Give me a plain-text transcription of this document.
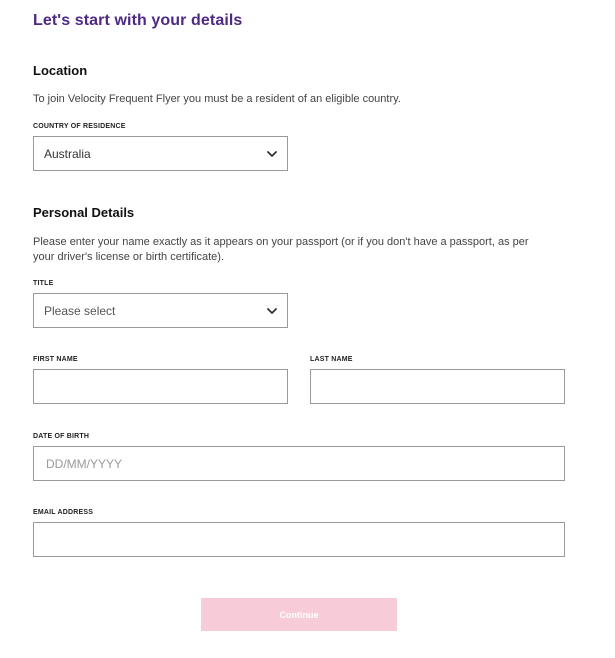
Let's start with your details
Location

To join Velocity Frequent Flyer you must be a resident of an eligible country.

COUNTRY OF RESIDENCE
Australia
Personal Details

Please enter your name exactly as it appears on your passport (or if you don't have a passport, as per

your driver's license or birth certificate).

TITLE
Please select
FIRST NAME	LAST NAME
DATE OF BIRTH
DD/MM/YYYY
EMAIL ADDRESS
Continue
